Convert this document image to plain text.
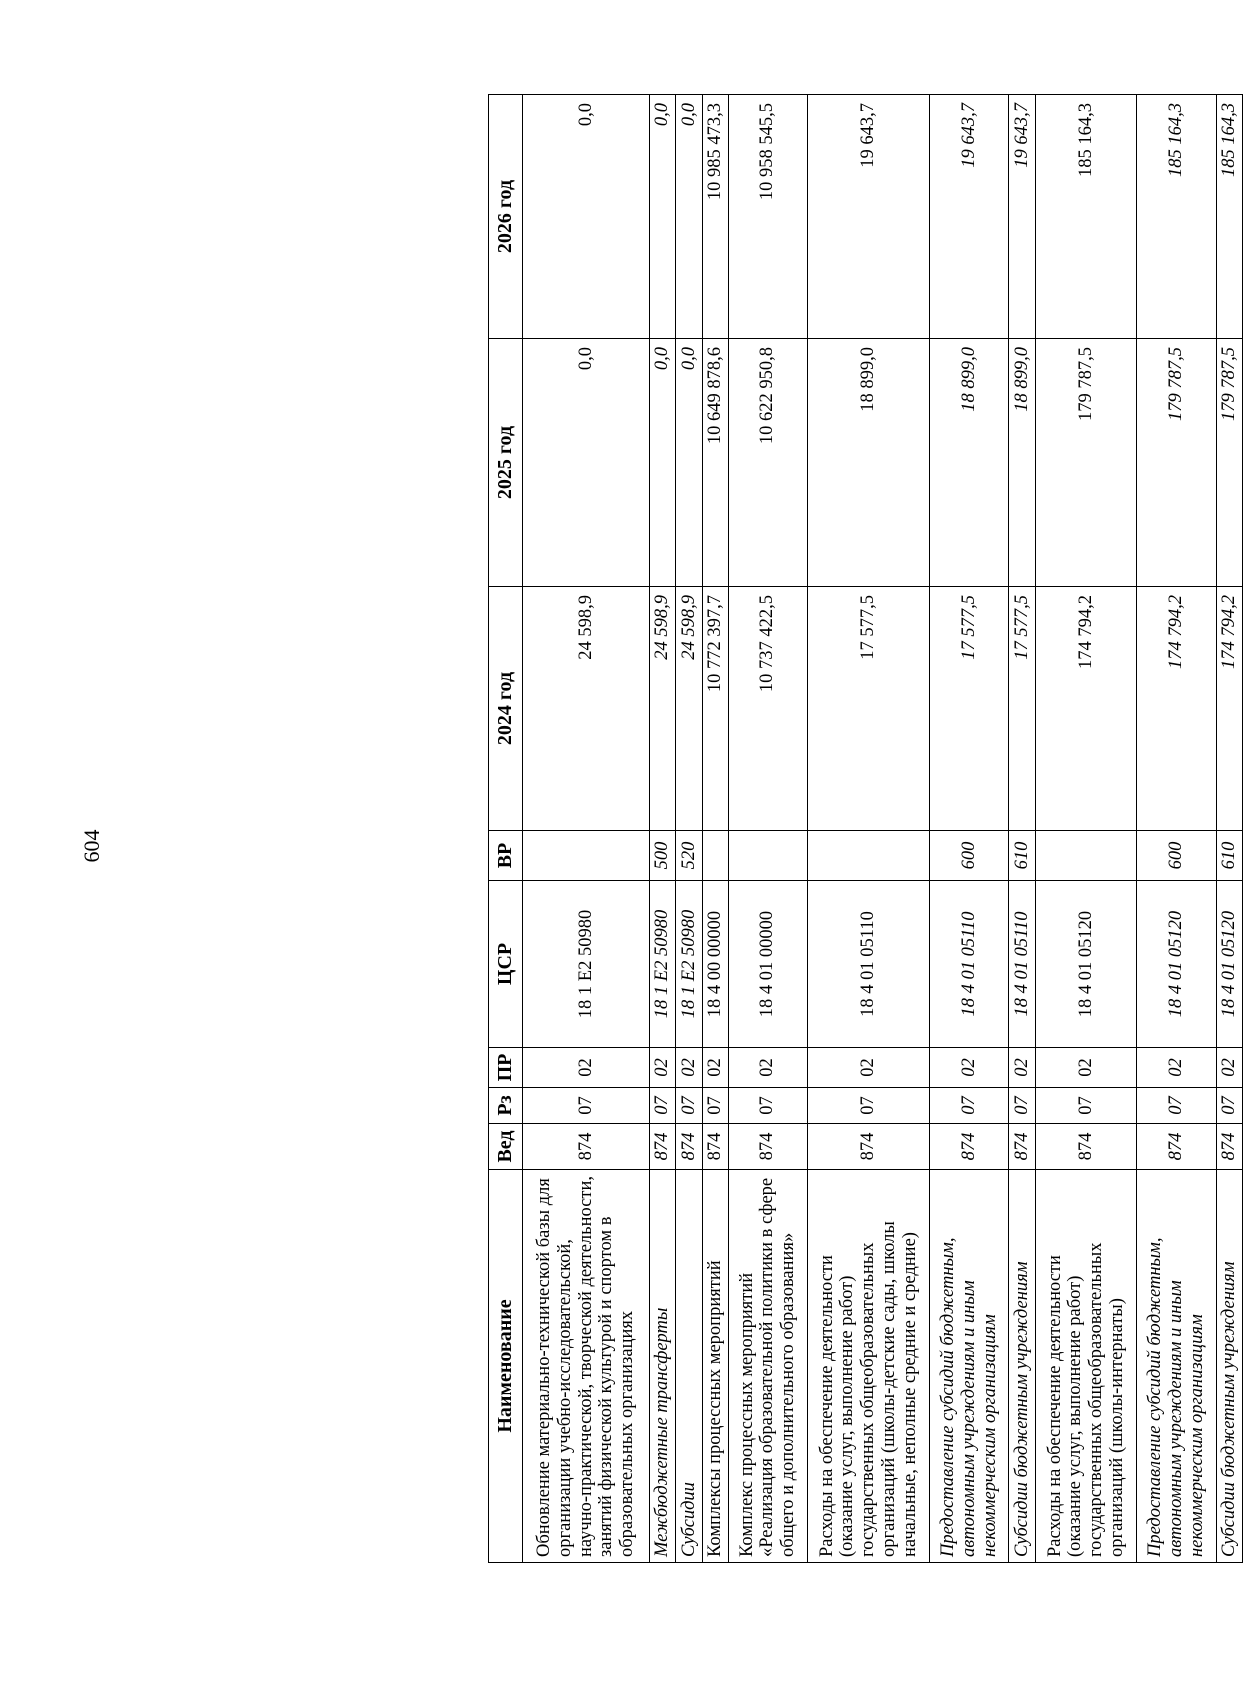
604
Наименование	Вед	Рз	ПР	ЦСР	ВР	2024 год	2025 год	2026 год
Обновление материально-технической базы для организации учебно-исследовательской, научно-практической, творческой деятельности, занятий физической культурой и спортом в образовательных организациях	874	07	02	18 1 Е2 50980		24 598,9	0,0	0,0
Межбюджетные трансферты	874	07	02	18 1 Е2 50980	500	24 598,9	0,0	0,0
Субсидии	874	07	02	18 1 Е2 50980	520	24 598,9	0,0	0,0
Комплексы процессных мероприятий	874	07	02	18 4 00 00000		10 772 397,7	10 649 878,6	10 985 473,3
Комплекс процессных мероприятий «Реализация образовательной политики в сфере общего и дополнительного образования»	874	07	02	18 4 01 00000		10 737 422,5	10 622 950,8	10 958 545,5
Расходы на обеспечение деятельности (оказание услуг, выполнение работ) государственных общеобразовательных организаций (школы-детские сады, школы начальные, неполные средние и средние)	874	07	02	18 4 01 05110		17 577,5	18 899,0	19 643,7
Предоставление субсидий бюджетным, автономным учреждениям и иным некоммерческим организациям	874	07	02	18 4 01 05110	600	17 577,5	18 899,0	19 643,7
Субсидии бюджетным учреждениям	874	07	02	18 4 01 05110	610	17 577,5	18 899,0	19 643,7
Расходы на обеспечение деятельности (оказание услуг, выполнение работ) государственных общеобразовательных организаций (школы-интернаты)	874	07	02	18 4 01 05120		174 794,2	179 787,5	185 164,3
Предоставление субсидий бюджетным, автономным учреждениям и иным некоммерческим организациям	874	07	02	18 4 01 05120	600	174 794,2	179 787,5	185 164,3
Субсидии бюджетным учреждениям	874	07	02	18 4 01 05120	610	174 794,2	179 787,5	185 164,3
